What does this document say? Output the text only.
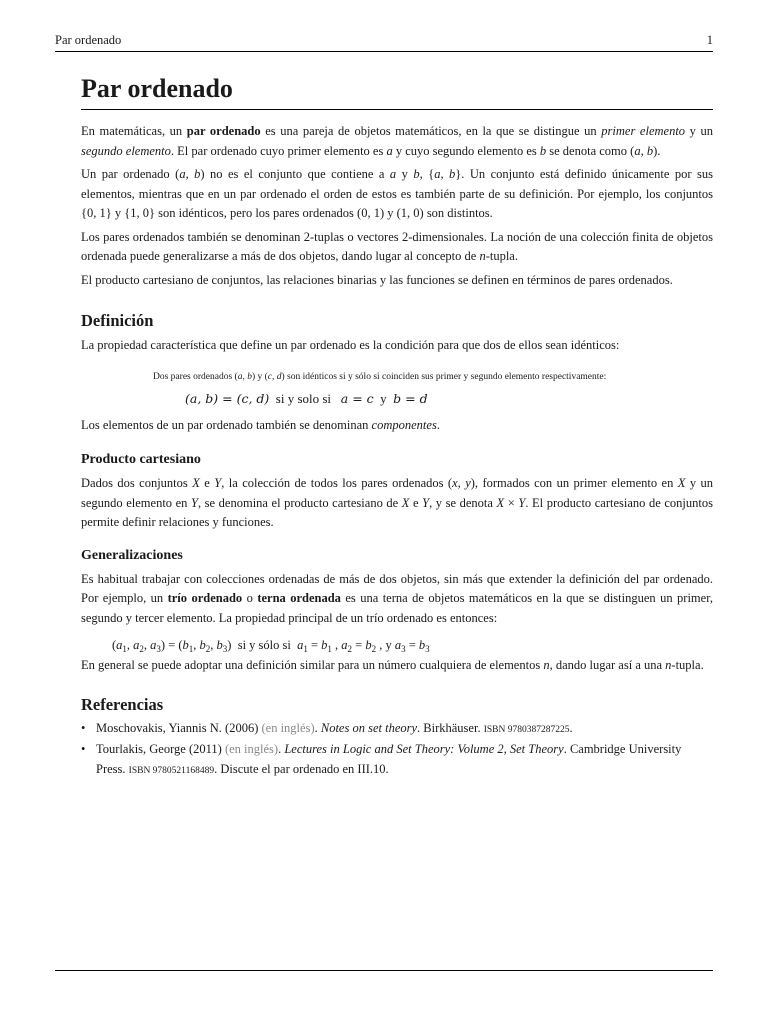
Par ordenado	1
Par ordenado

En matemáticas, un par ordenado es una pareja de objetos matemáticos, en la que se distingue un primer elemento y un segundo elemento. El par ordenado cuyo primer elemento es a y cuyo segundo elemento es b se denota como (a, b).

Un par ordenado (a, b) no es el conjunto que contiene a a y b, {a, b}. Un conjunto está definido únicamente por sus elementos, mientras que en un par ordenado el orden de estos es también parte de su definición. Por ejemplo, los conjuntos {0, 1} y {1, 0} son idénticos, pero los pares ordenados (0, 1) y (1, 0) son distintos.

Los pares ordenados también se denominan 2-tuplas o vectores 2-dimensionales. La noción de una colección finita de objetos ordenada puede generalizarse a más de dos objetos, dando lugar al concepto de n-tupla.

El producto cartesiano de conjuntos, las relaciones binarias y las funciones se definen en términos de pares ordenados.

Definición

La propiedad característica que define un par ordenado es la condición para que dos de ellos sean idénticos:

Dos pares ordenados (a, b) y (c, d) son idénticos si y sólo si coinciden sus primer y segundo elemento respectivamente:
(a, b) = (c, d) si y solo si a = c y b = d

Los elementos de un par ordenado también se denominan componentes.

Producto cartesiano

Dados dos conjuntos X e Y, la colección de todos los pares ordenados (x, y), formados con un primer elemento en X y un segundo elemento en Y, se denomina el producto cartesiano de X e Y, y se denota X × Y. El producto cartesiano de conjuntos permite definir relaciones y funciones.

Generalizaciones

Es habitual trabajar con colecciones ordenadas de más de dos objetos, sin más que extender la definición del par ordenado. Por ejemplo, un trío ordenado o terna ordenada es una terna de objetos matemáticos en la que se distinguen un primer, segundo y tercer elemento. La propiedad principal de un trío ordenado es entonces:

($a_1$, $a_2$, $a_3) = (b_1$, $b_2$, $b_3$)  si y sólo si $a_1 = b_1$ , $a_2 = b_2$ , y $a_3 = b_3$

En general se puede adoptar una definición similar para un número cualquiera de elementos n, dando lugar así a una n-tupla.

Referencias
• Moschovakis, Yiannis N. (2006) (en inglés). Notes on set theory. Birkhäuser. ISBN 9780387287225.
• Tourlakis, George (2011) (en inglés). Lectures in Logic and Set Theory: Volume 2, Set Theory. Cambridge University Press. ISBN 9780521168489. Discute el par ordenado en III.10.
